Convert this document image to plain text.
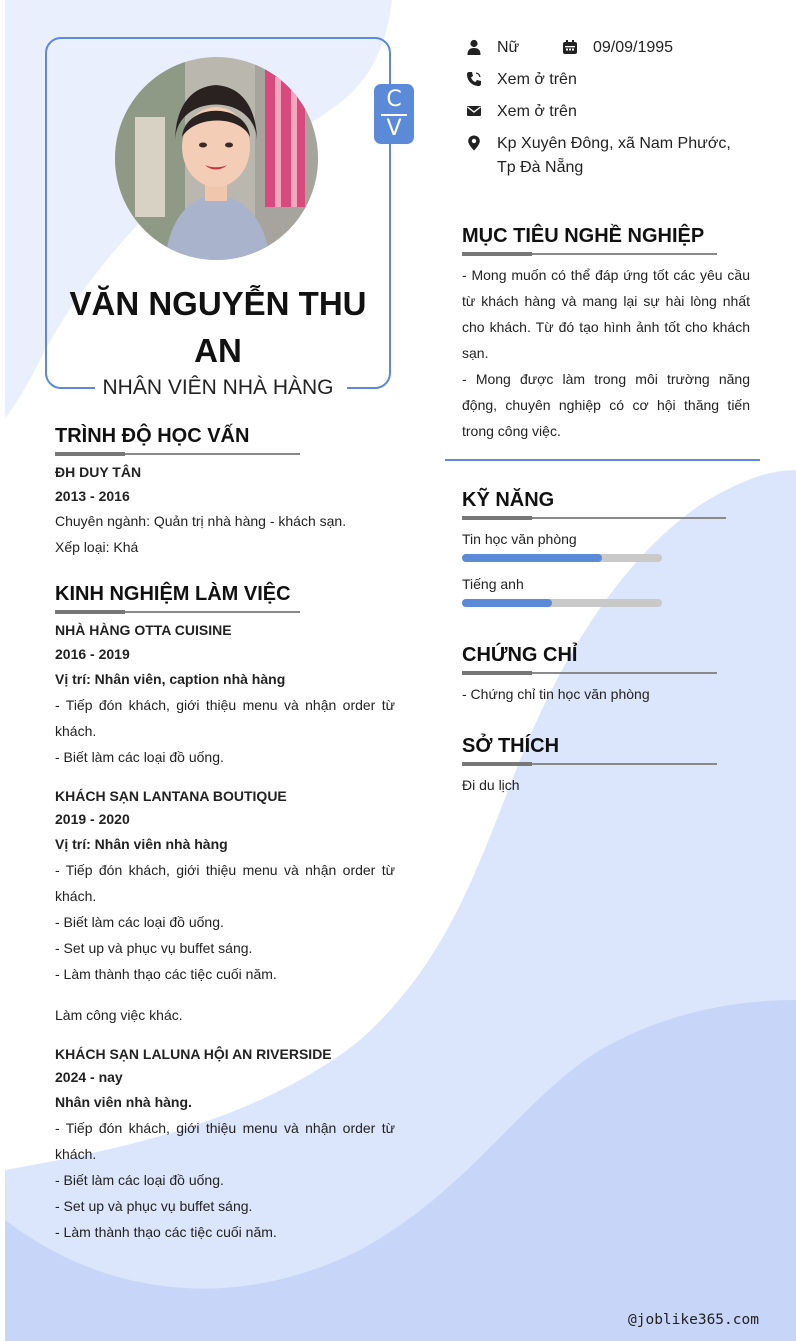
C
V
VĂN NGUYỄN THU AN
NHÂN VIÊN NHÀ HÀNG
TRÌNH ĐỘ HỌC VẤN
ĐH DUY TÂN
2013 - 2016
Chuyên ngành: Quản trị nhà hàng - khách sạn.
Xếp loại: Khá
KINH NGHIỆM LÀM VIỆC
NHÀ HÀNG OTTA CUISINE
2016 - 2019
Vị trí: Nhân viên, caption nhà hàng
- Tiếp đón khách, giới thiệu menu và nhận order từ khách.
- Biết làm các loại đồ uống.
KHÁCH SẠN LANTANA BOUTIQUE
2019 - 2020
Vị trí: Nhân viên nhà hàng
- Tiếp đón khách, giới thiệu menu và nhận order từ khách.
- Biết làm các loại đồ uống.
- Set up và phục vụ buffet sáng.
- Làm thành thạo các tiệc cuối năm.
Làm công việc khác.
KHÁCH SẠN LALUNA HỘI AN RIVERSIDE
2024 - nay
Nhân viên nhà hàng.
- Tiếp đón khách, giới thiệu menu và nhận order từ khách.
- Biết làm các loại đồ uống.
- Set up và phục vụ buffet sáng.
- Làm thành thạo các tiệc cuối năm.
Nữ	09/09/1995
Xem ở trên
Xem ở trên
Kp Xuyên Đông, xã Nam Phước,
Tp Đà Nẵng
MỤC TIÊU NGHỀ NGHIỆP
- Mong muốn có thể đáp ứng tốt các yêu cầu từ khách hàng và mang lại sự hài lòng nhất cho khách. Từ đó tạo hình ảnh tốt cho khách sạn.
- Mong được làm trong môi trường năng động, chuyên nghiệp có cơ hội thăng tiến trong công việc.
KỸ NĂNG
Tin học văn phòng
Tiếng anh
CHỨNG CHỈ
- Chứng chỉ tin học văn phòng
SỞ THÍCH
Đi du lịch
@joblike365.com
